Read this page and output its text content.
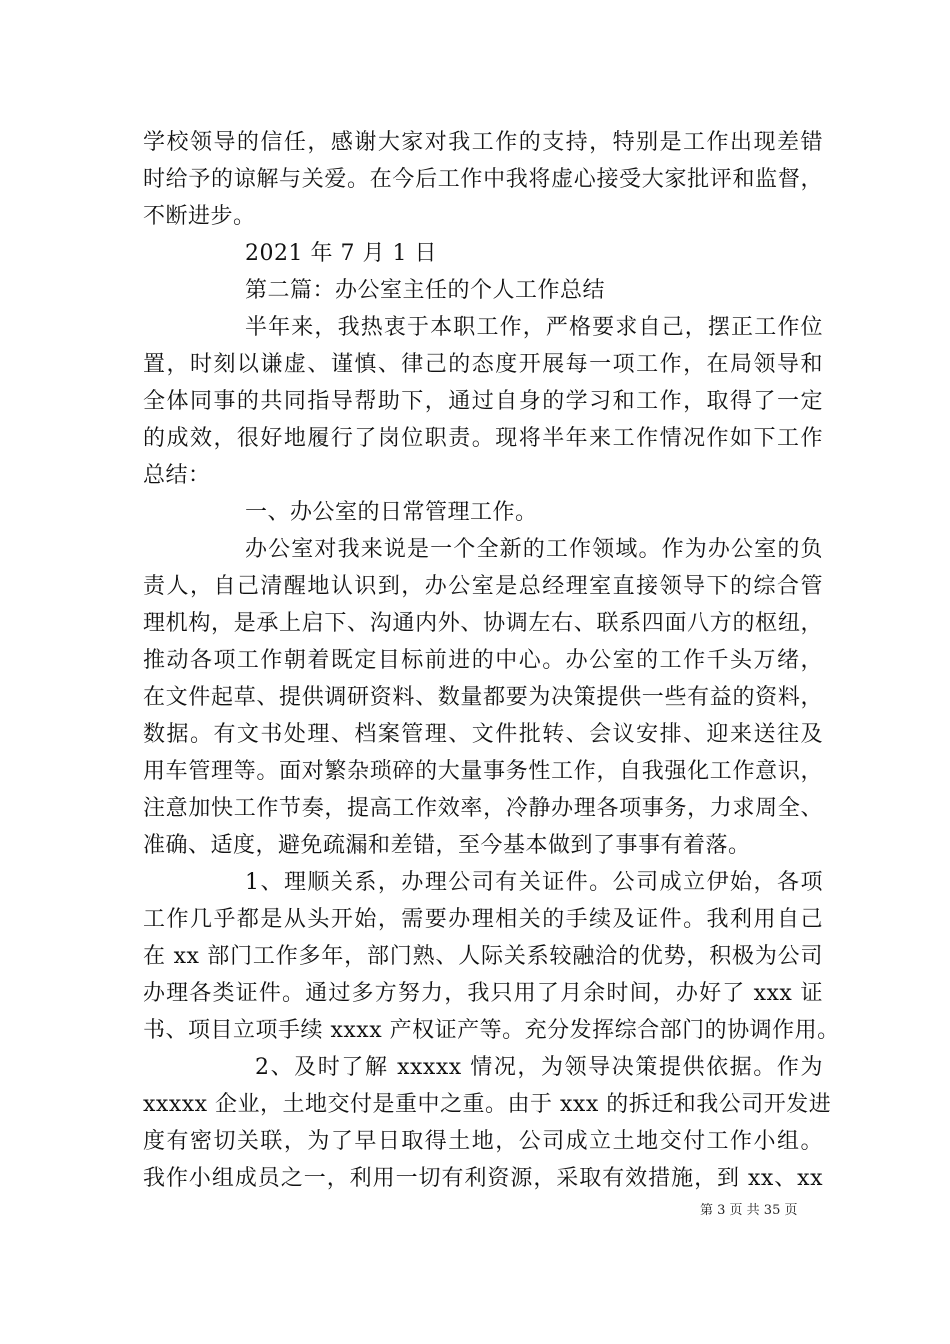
学校领导的信任，感谢大家对我工作的支持，特别是工作出现差错
时给予的谅解与关爱。在今后工作中我将虚心接受大家批评和监督，
不断进步。
2021 年 7 月 1 日
第二篇：办公室主任的个人工作总结
半年来，我热衷于本职工作，严格要求自己，摆正工作位
置，时刻以谦虚、谨慎、律己的态度开展每一项工作，在局领导和
全体同事的共同指导帮助下，通过自身的学习和工作，取得了一定
的成效，很好地履行了岗位职责。现将半年来工作情况作如下工作
总结：
一、办公室的日常管理工作。
办公室对我来说是一个全新的工作领域。作为办公室的负
责人，自己清醒地认识到，办公室是总经理室直接领导下的综合管
理机构，是承上启下、沟通内外、协调左右、联系四面八方的枢纽，
推动各项工作朝着既定目标前进的中心。办公室的工作千头万绪，
在文件起草、提供调研资料、数量都要为决策提供一些有益的资料，
数据。有文书处理、档案管理、文件批转、会议安排、迎来送往及
用车管理等。面对繁杂琐碎的大量事务性工作，自我强化工作意识，
注意加快工作节奏，提高工作效率，冷静办理各项事务，力求周全、
准确、适度，避免疏漏和差错，至今基本做到了事事有着落。
1、理顺关系，办理公司有关证件。公司成立伊始，各项
工作几乎都是从头开始，需要办理相关的手续及证件。我利用自己
在 xx 部门工作多年，部门熟、人际关系较融洽的优势，积极为公司
办理各类证件。通过多方努力，我只用了月余时间，办好了 xxx 证
书、项目立项手续 xxxx 产权证产等。充分发挥综合部门的协调作用。
2、及时了解 xxxxx 情况，为领导决策提供依据。作为
xxxxx 企业，土地交付是重中之重。由于 xxx 的拆迁和我公司开发进
度有密切关联，为了早日取得土地，公司成立土地交付工作小组。
我作小组成员之一，利用一切有利资源，采取有效措施，到 xx、xx
第 3 页 共 35 页
